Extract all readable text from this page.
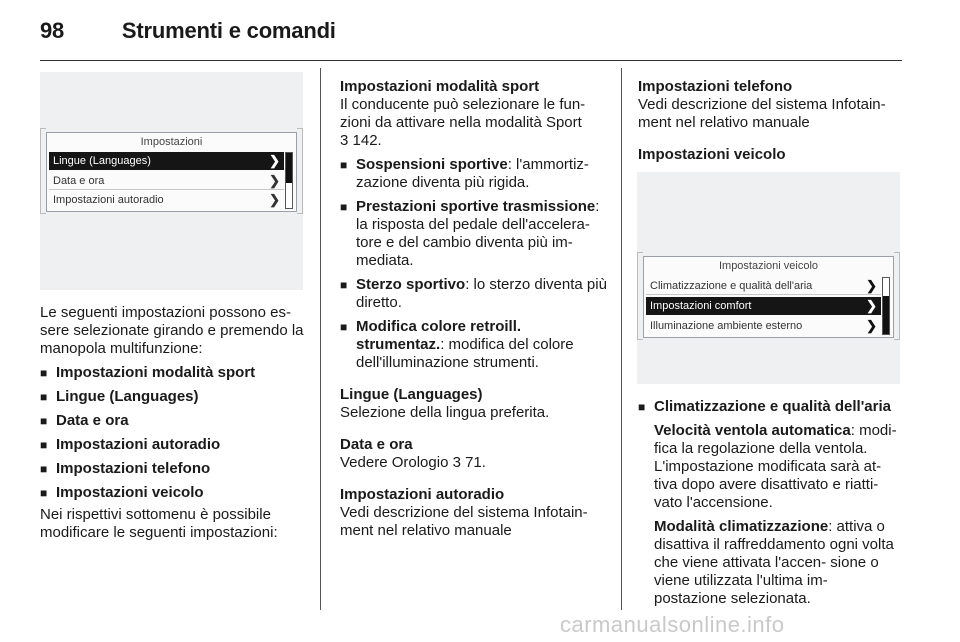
98	Strumenti e comandi
Impostazioni
Lingue (Languages)	❯
Data e ora	❯
Impostazioni autoradio	❯

Le seguenti impostazioni possono es- sere selezionate girando e premendo la manopola multifunzione:

■ Impostazioni modalità sport
■ Lingue (Languages)
■ Data e ora
■ Impostazioni autoradio
■ Impostazioni telefono
■ Impostazioni veicolo

Nei rispettivi sottomenu è possibile modificare le seguenti impostazioni:

Impostazioni modalità sport

Il conducente può selezionare le fun- zioni da attivare nella modalità Sport

3 142.

■ Sospensioni sportive: l'ammortiz- zazione diventa più rigida.
■ Prestazioni sportive trasmissione: la risposta del pedale dell'accelera- tore e del cambio diventa più im- mediata.
■ Sterzo sportivo: lo sterzo diventa più diretto.
■ Modifica colore retroill. strumentaz.: modifica del colore dell'illuminazione strumenti.

Lingue (Languages)

Selezione della lingua preferita.

Data e ora

Vedere Orologio 3 71.

Impostazioni autoradio

Vedi descrizione del sistema Infotain- ment nel relativo manuale

Impostazioni telefono

Vedi descrizione del sistema Infotain- ment nel relativo manuale

Impostazioni veicolo

Impostazioni veicolo
Climatizzazione e qualità dell'aria	❯
Impostazioni comfort	❯
Illuminazione ambiente esterno	❯
■ Climatizzazione e qualità dell'aria

Velocità ventola automatica: modi- fica la regolazione della ventola. L'impostazione modificata sarà at- tiva dopo avere disattivato e riatti- vato l'accensione.

Modalità climatizzazione: attiva o disattiva il raffreddamento ogni volta che viene attivata l'accen- sione o viene utilizzata l'ultima im- postazione selezionata.

carmanualsonline.info
